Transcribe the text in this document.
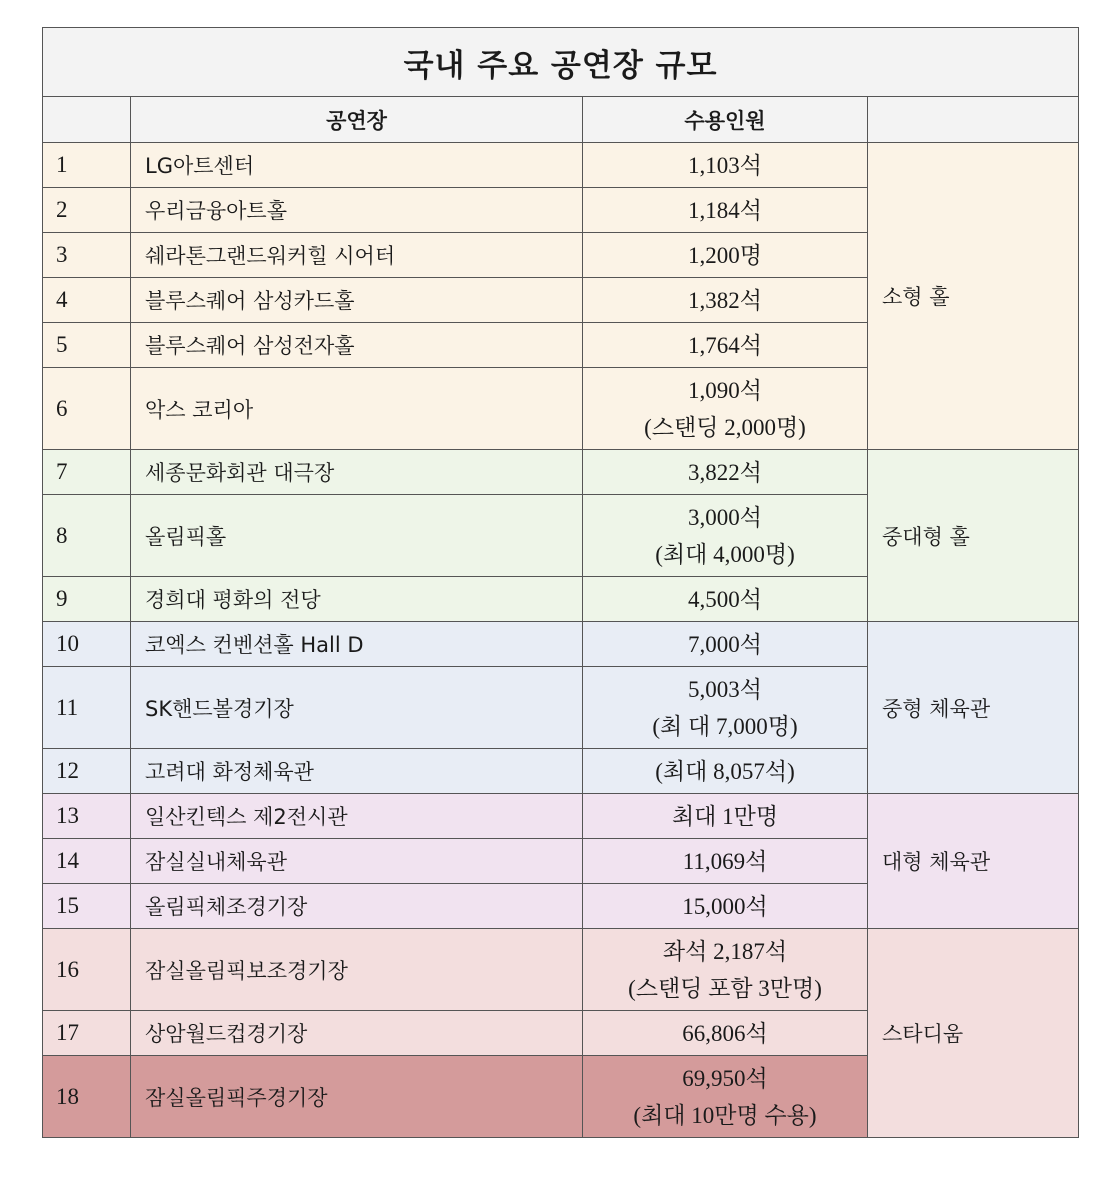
국내 주요 공연장 규모			
	공연장	수용인원	
1	LG아트센터	1,103석	소형 홀
2	우리금융아트홀	1,184석	

3	쉐라톤그랜드워커힐 시어터	1,200명	

4	블루스퀘어 삼성카드홀	1,382석	

5	블루스퀘어 삼성전자홀	1,764석	

6	악스 코리아	1,090석
(스탠딩 2,000명)	

7	세종문화회관 대극장	3,822석	중대형 홀
8	올림픽홀	3,000석
(최대 4,000명)	

9	경희대 평화의 전당	4,500석	

10	코엑스 컨벤션홀 Hall D	7,000석	중형 체육관
11	SK핸드볼경기장	5,003석
(최 대 7,000명)	

12	고려대 화정체육관	(최대 8,057석)	

13	일산킨텍스 제2전시관	최대 1만명	대형 체육관
14	잠실실내체육관	11,069석	

15	올림픽체조경기장	15,000석	

16	잠실올림픽보조경기장	좌석 2,187석
(스탠딩 포함 3만명)	스타디움
17	상암월드컵경기장	66,806석	

18	잠실올림픽주경기장	69,950석
(최대 10만명 수용)	
